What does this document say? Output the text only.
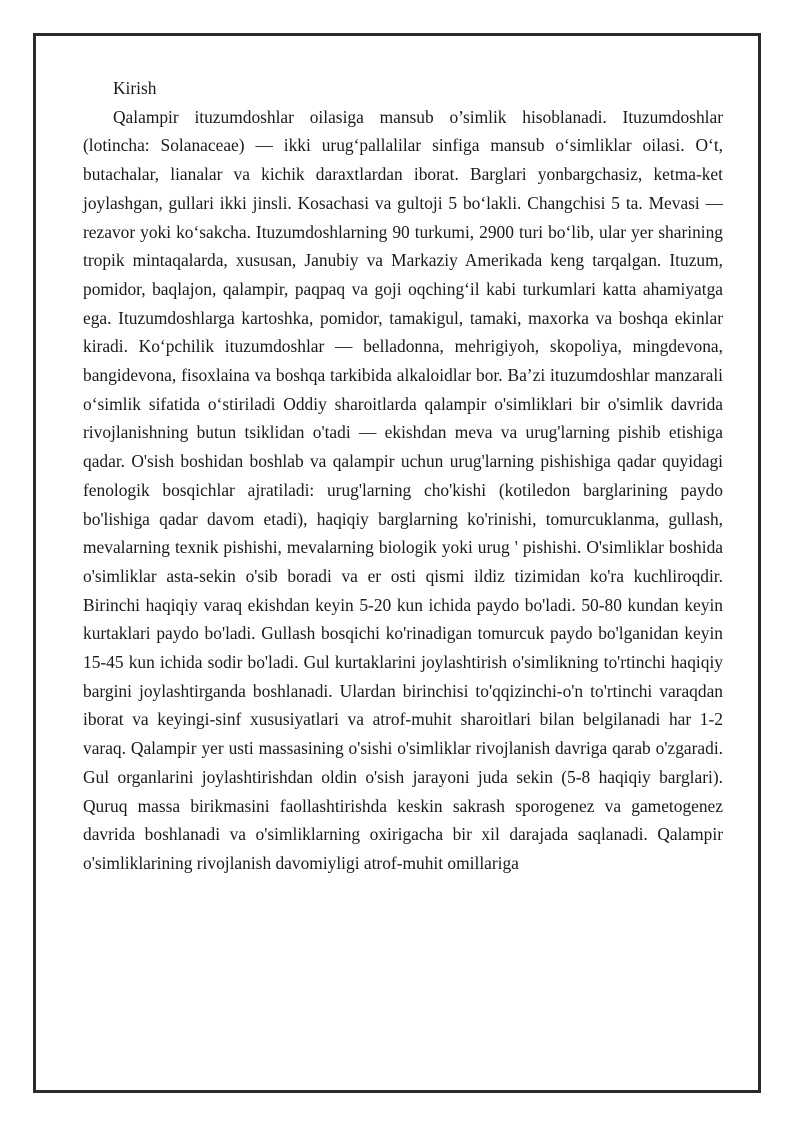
Kirish

Qalampir ituzumdoshlar oilasiga mansub o’simlik hisoblanadi. Ituzumdoshlar (lotincha: Solanaceae) — ikki urug‘pallalilar sinfiga mansub o‘simliklar oilasi. O‘t, butachalar, lianalar va kichik daraxtlardan iborat. Barglari yonbargchasiz, ketma-ket joylashgan, gullari ikki jinsli. Kosachasi va gultoji 5 bo‘lakli. Changchisi 5 ta. Mevasi — rezavor yoki ko‘sakcha. Ituzumdoshlarning 90 turkumi, 2900 turi bo‘lib, ular yer sharining tropik mintaqalarda, xususan, Janubiy va Markaziy Amerikada keng tarqalgan. Ituzum, pomidor, baqlajon, qalampir, paqpaq va goji oqching‘il kabi turkumlari katta ahamiyatga ega. Ituzumdoshlarga kartoshka, pomidor, tamakigul, tamaki, maxorka va boshqa ekinlar kiradi. Ko‘pchilik ituzumdoshlar — belladonna, mehrigiyoh, skopoliya, mingdevona, bangidevona, fisoxlaina va boshqa tarkibida alkaloidlar bor. Ba’zi ituzumdoshlar manzarali o‘simlik sifatida o‘stiriladi Oddiy sharoitlarda qalampir o'simliklari bir o'simlik davrida rivojlanishning butun tsiklidan o'tadi — ekishdan meva va urug'larning pishib etishiga qadar. O'sish boshidan boshlab va qalampir uchun urug'larning pishishiga qadar quyidagi fenologik bosqichlar ajratiladi: urug'larning cho'kishi (kotiledon barglarining paydo bo'lishiga qadar davom etadi), haqiqiy barglarning ko'rinishi, tomurcuklanma, gullash, mevalarning texnik pishishi, mevalarning biologik yoki urug ' pishishi. O'simliklar boshida o'simliklar asta-sekin o'sib boradi va er osti qismi ildiz tizimidan ko'ra kuchliroqdir. Birinchi haqiqiy varaq ekishdan keyin 5-20 kun ichida paydo bo'ladi. 50-80 kundan keyin kurtaklari paydo bo'ladi. Gullash bosqichi ko'rinadigan tomurcuk paydo bo'lganidan keyin 15-45 kun ichida sodir bo'ladi. Gul kurtaklarini joylashtirish o'simlikning to'rtinchi haqiqiy bargini joylashtirganda boshlanadi. Ulardan birinchisi to'qqizinchi-o'n to'rtinchi varaqdan iborat va keyingi-sinf xususiyatlari va atrof-muhit sharoitlari bilan belgilanadi har 1-2 varaq. Qalampir yer usti massasining o'sishi o'simliklar rivojlanish davriga qarab o'zgaradi. Gul organlarini joylashtirishdan oldin o'sish jarayoni juda sekin (5-8 haqiqiy barglari). Quruq massa birikmasini faollashtirishda keskin sakrash sporogenez va gametogenez davrida boshlanadi va o'simliklarning oxirigacha bir xil darajada saqlanadi. Qalampir o'simliklarining rivojlanish davomiyligi atrof-muhit omillariga
